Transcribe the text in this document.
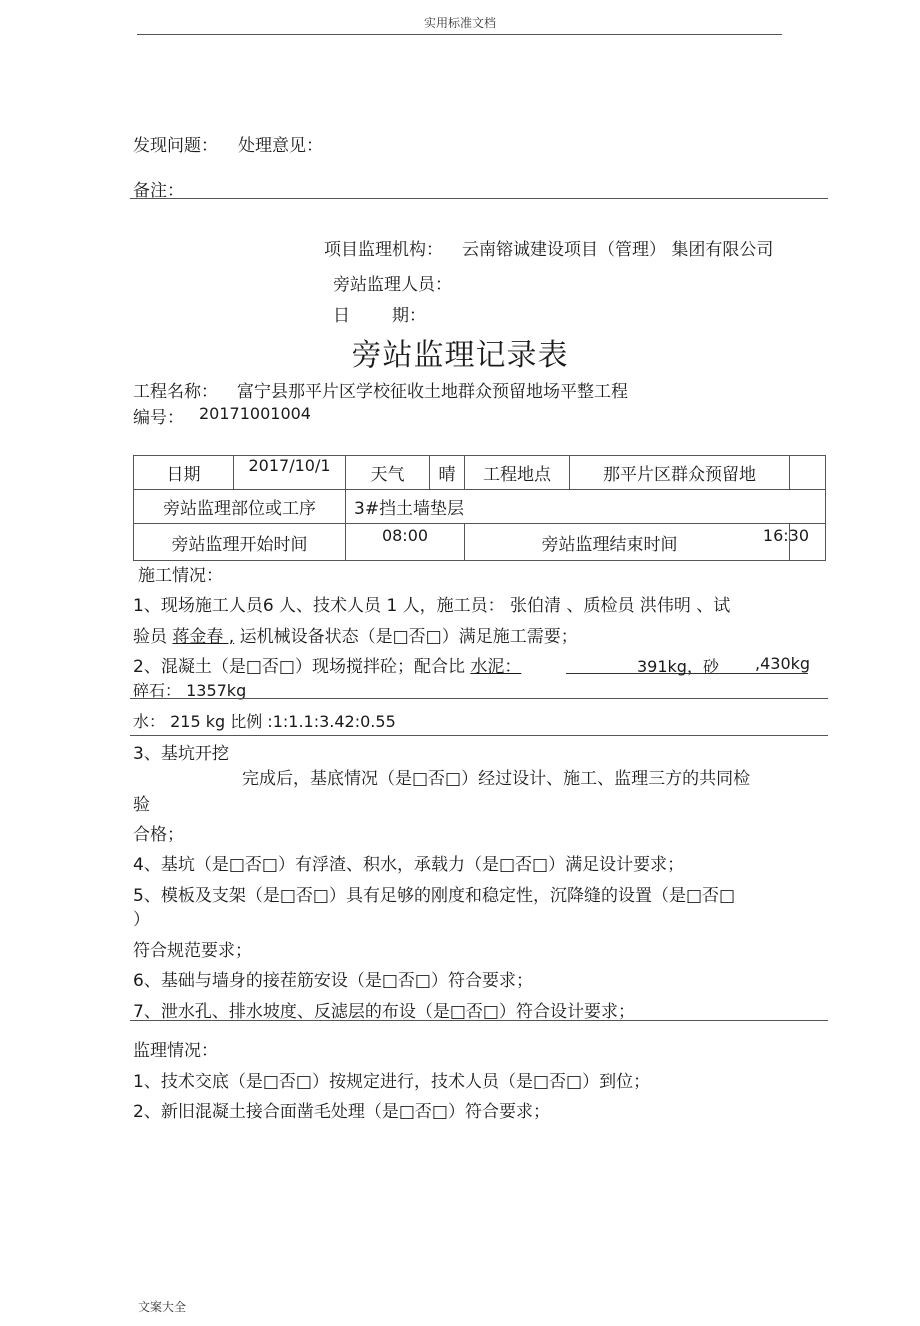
实用标准文档
发现问题： 处理意见：
备注：
项目监理机构： 云南镕诚建设项目（管理） 集团有限公司
旁站监理人员：
日 期：
旁站监理记录表
工程名称： 富宁县那平片区学校征收土地群众预留地场平整工程
编号： 20171001004
日期	2017/10/1	天气	晴	工程地点	那平片区群众预留地	
旁站监理部位或工序		3#挡土墙垫层				
旁站监理开始时间		08:00		旁站监理结束时间		16:30
施工情况：
1、现场施工人员6 人、技术人员 1 人，施工员： 张伯清 、质检员 洪伟明 、试
验员 蒋金春 , 运机械设备状态（是□否□）满足施工需要；
2、混凝土（是□否□）现场搅拌砼；配合比 水泥：	391kg，砂 ,430kg
碎石： 1357kg
水： 215 kg 比例 :1:1.1:3.42:0.55
3、基坑开挖
完成后，基底情况（是□否□）经过设计、施工、监理三方的共同检
验
合格；
4、基坑（是□否□）有浮渣、积水，承载力（是□否□）满足设计要求；
5、模板及支架（是□否□）具有足够的刚度和稳定性，沉降缝的设置（是□否□
）
符合规范要求；
6、基础与墙身的接茬筋安设（是□否□）符合要求；
7、泄水孔、排水坡度、反滤层的布设（是□否□）符合设计要求；
监理情况：
1、技术交底（是□否□）按规定进行，技术人员（是□否□）到位；
2、新旧混凝土接合面凿毛处理（是□否□）符合要求；
文案大全
